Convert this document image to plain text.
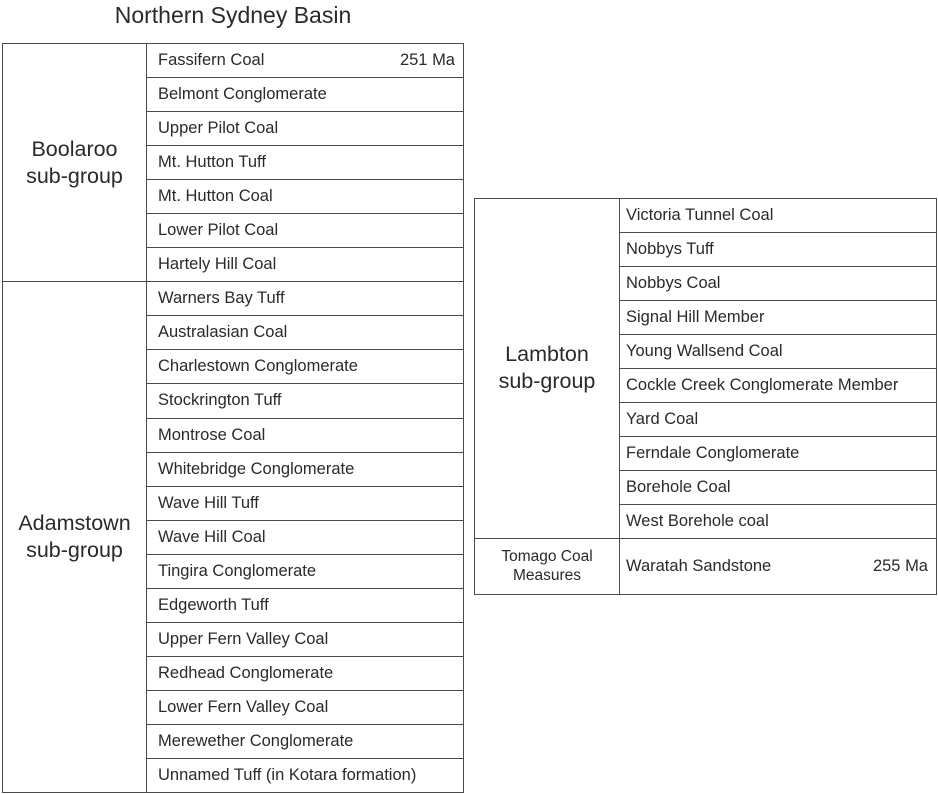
Northern Sydney Basin
Boolaroo
sub-group
Adamstown
sub-group
Fassifern Coal	251 Ma
Belmont Conglomerate
Upper Pilot Coal
Mt. Hutton Tuff
Mt. Hutton Coal
Lower Pilot Coal
Hartely Hill Coal
Warners Bay Tuff
Australasian Coal
Charlestown Conglomerate
Stockrington Tuff
Montrose Coal
Whitebridge Conglomerate
Wave Hill Tuff
Wave Hill Coal
Tingira Conglomerate
Edgeworth Tuff
Upper Fern Valley Coal
Redhead Conglomerate
Lower Fern Valley Coal
Merewether Conglomerate
Unnamed Tuff (in Kotara formation)
Lambton
sub-group
Tomago Coal
Measures
Victoria Tunnel Coal
Nobbys Tuff
Nobbys Coal
Signal Hill Member
Young Wallsend Coal
Cockle Creek Conglomerate Member
Yard Coal
Ferndale Conglomerate
Borehole Coal
West Borehole coal
Waratah Sandstone	255 Ma
